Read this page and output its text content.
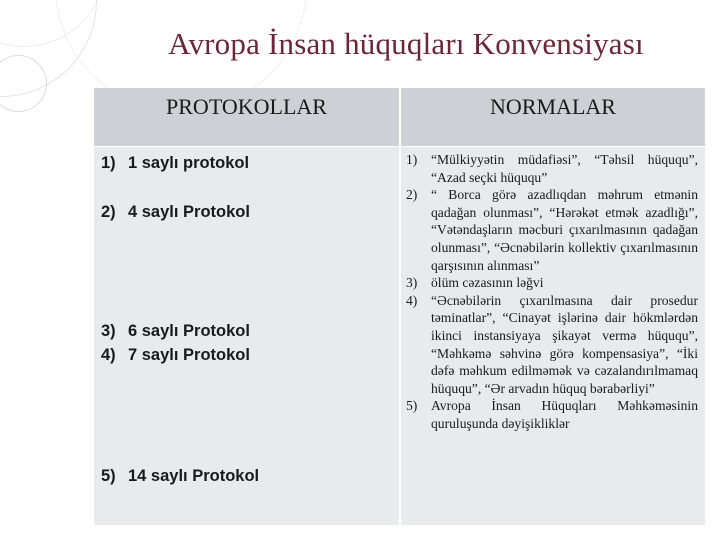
Avropa İnsan hüquqları Konvensiyası
PROTOKOLLAR	NORMALAR
1) 1 saylı protokol
2) 4 saylı Protokol
3) 6 saylı Protokol
4) 7 saylı Protokol
5) 14 saylı Protokol
1) “Mülkiyyətin müdafiəsi”, “Təhsil hüququ”, “Azad seçki hüququ”
2) “ Borca görə azadlıqdan məhrum etmənin qadağan olunması”, “Hərəkət etmək azadlığı”, “Vətəndaşların məcburi çıxarılmasının qadağan olunması”, “Əcnəbilərin kollektiv çıxarılmasının qarşısının alınması”
3) ölüm cəzasının ləğvi
4) “Əcnəbilərin çıxarılmasına dair prosedur təminatlar”, “Cinayət işlərinə dair hökmlərdən ikinci instansiyaya şikayət vermə hüququ”, “Məhkəmə səhvinə görə kompensasiya”, “İki dəfə məhkum edilməmək və cəzalandırılmamaq hüququ”, “Ər arvadın hüquq bərabərliyi”
5) Avropa İnsan Hüquqları Məhkəməsinin quruluşunda dəyişikliklər
